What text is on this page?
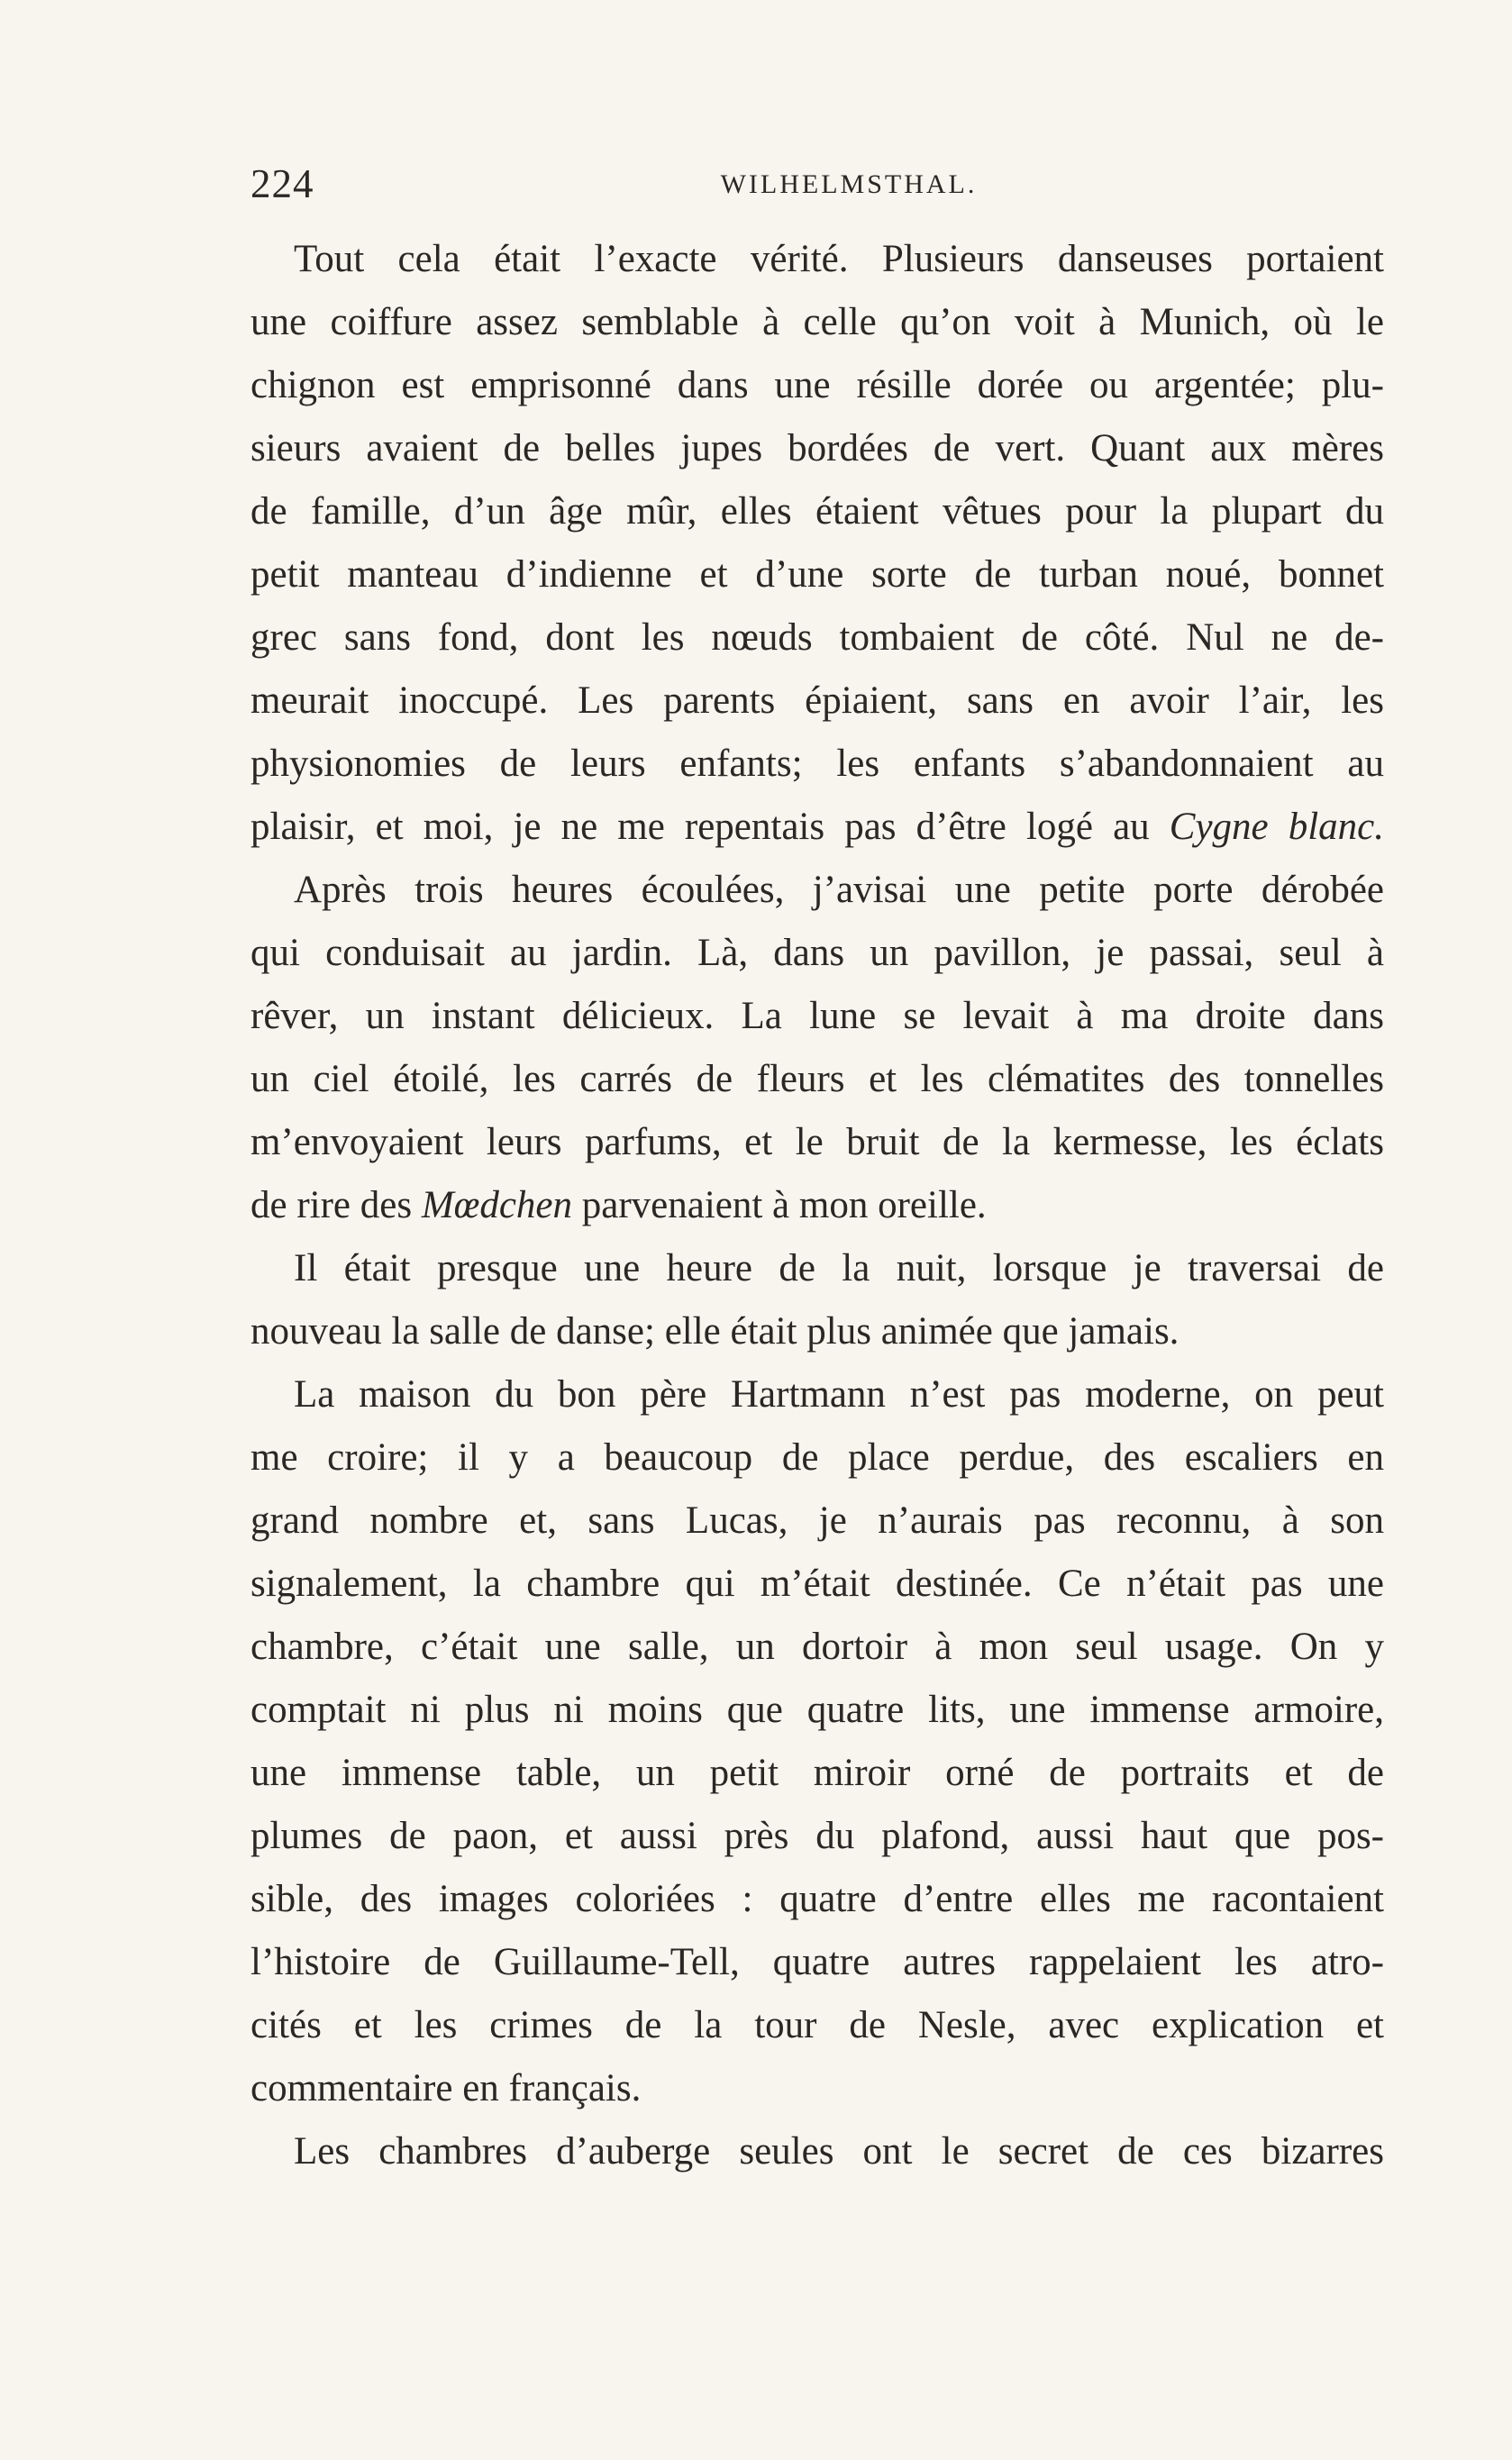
224	WILHELMSTHAL.
Tout cela était l’exacte vérité. Plusieurs danseuses portaient
une coiffure assez semblable à celle qu’on voit à Munich, où le
chignon est emprisonné dans une résille dorée ou argentée; plu-
sieurs avaient de belles jupes bordées de vert. Quant aux mères
de famille, d’un âge mûr, elles étaient vêtues pour la plupart du
petit manteau d’indienne et d’une sorte de turban noué, bonnet
grec sans fond, dont les nœuds tombaient de côté. Nul ne de-
meurait inoccupé. Les parents épiaient, sans en avoir l’air, les
physionomies de leurs enfants; les enfants s’abandonnaient au
plaisir, et moi, je ne me repentais pas d’être logé au Cygne blanc.
Après trois heures écoulées, j’avisai une petite porte dérobée
qui conduisait au jardin. Là, dans un pavillon, je passai, seul à
rêver, un instant délicieux. La lune se levait à ma droite dans
un ciel étoilé, les carrés de fleurs et les clématites des tonnelles
m’envoyaient leurs parfums, et le bruit de la kermesse, les éclats
de rire des Mœdchen parvenaient à mon oreille.
Il était presque une heure de la nuit, lorsque je traversai de
nouveau la salle de danse; elle était plus animée que jamais.
La maison du bon père Hartmann n’est pas moderne, on peut
me croire; il y a beaucoup de place perdue, des escaliers en
grand nombre et, sans Lucas, je n’aurais pas reconnu, à son
signalement, la chambre qui m’était destinée. Ce n’était pas une
chambre, c’était une salle, un dortoir à mon seul usage. On y
comptait ni plus ni moins que quatre lits, une immense armoire,
une immense table, un petit miroir orné de portraits et de
plumes de paon, et aussi près du plafond, aussi haut que pos-
sible, des images coloriées : quatre d’entre elles me racontaient
l’histoire de Guillaume-Tell, quatre autres rappelaient les atro-
cités et les crimes de la tour de Nesle, avec explication et
commentaire en français.
Les chambres d’auberge seules ont le secret de ces bizarres
